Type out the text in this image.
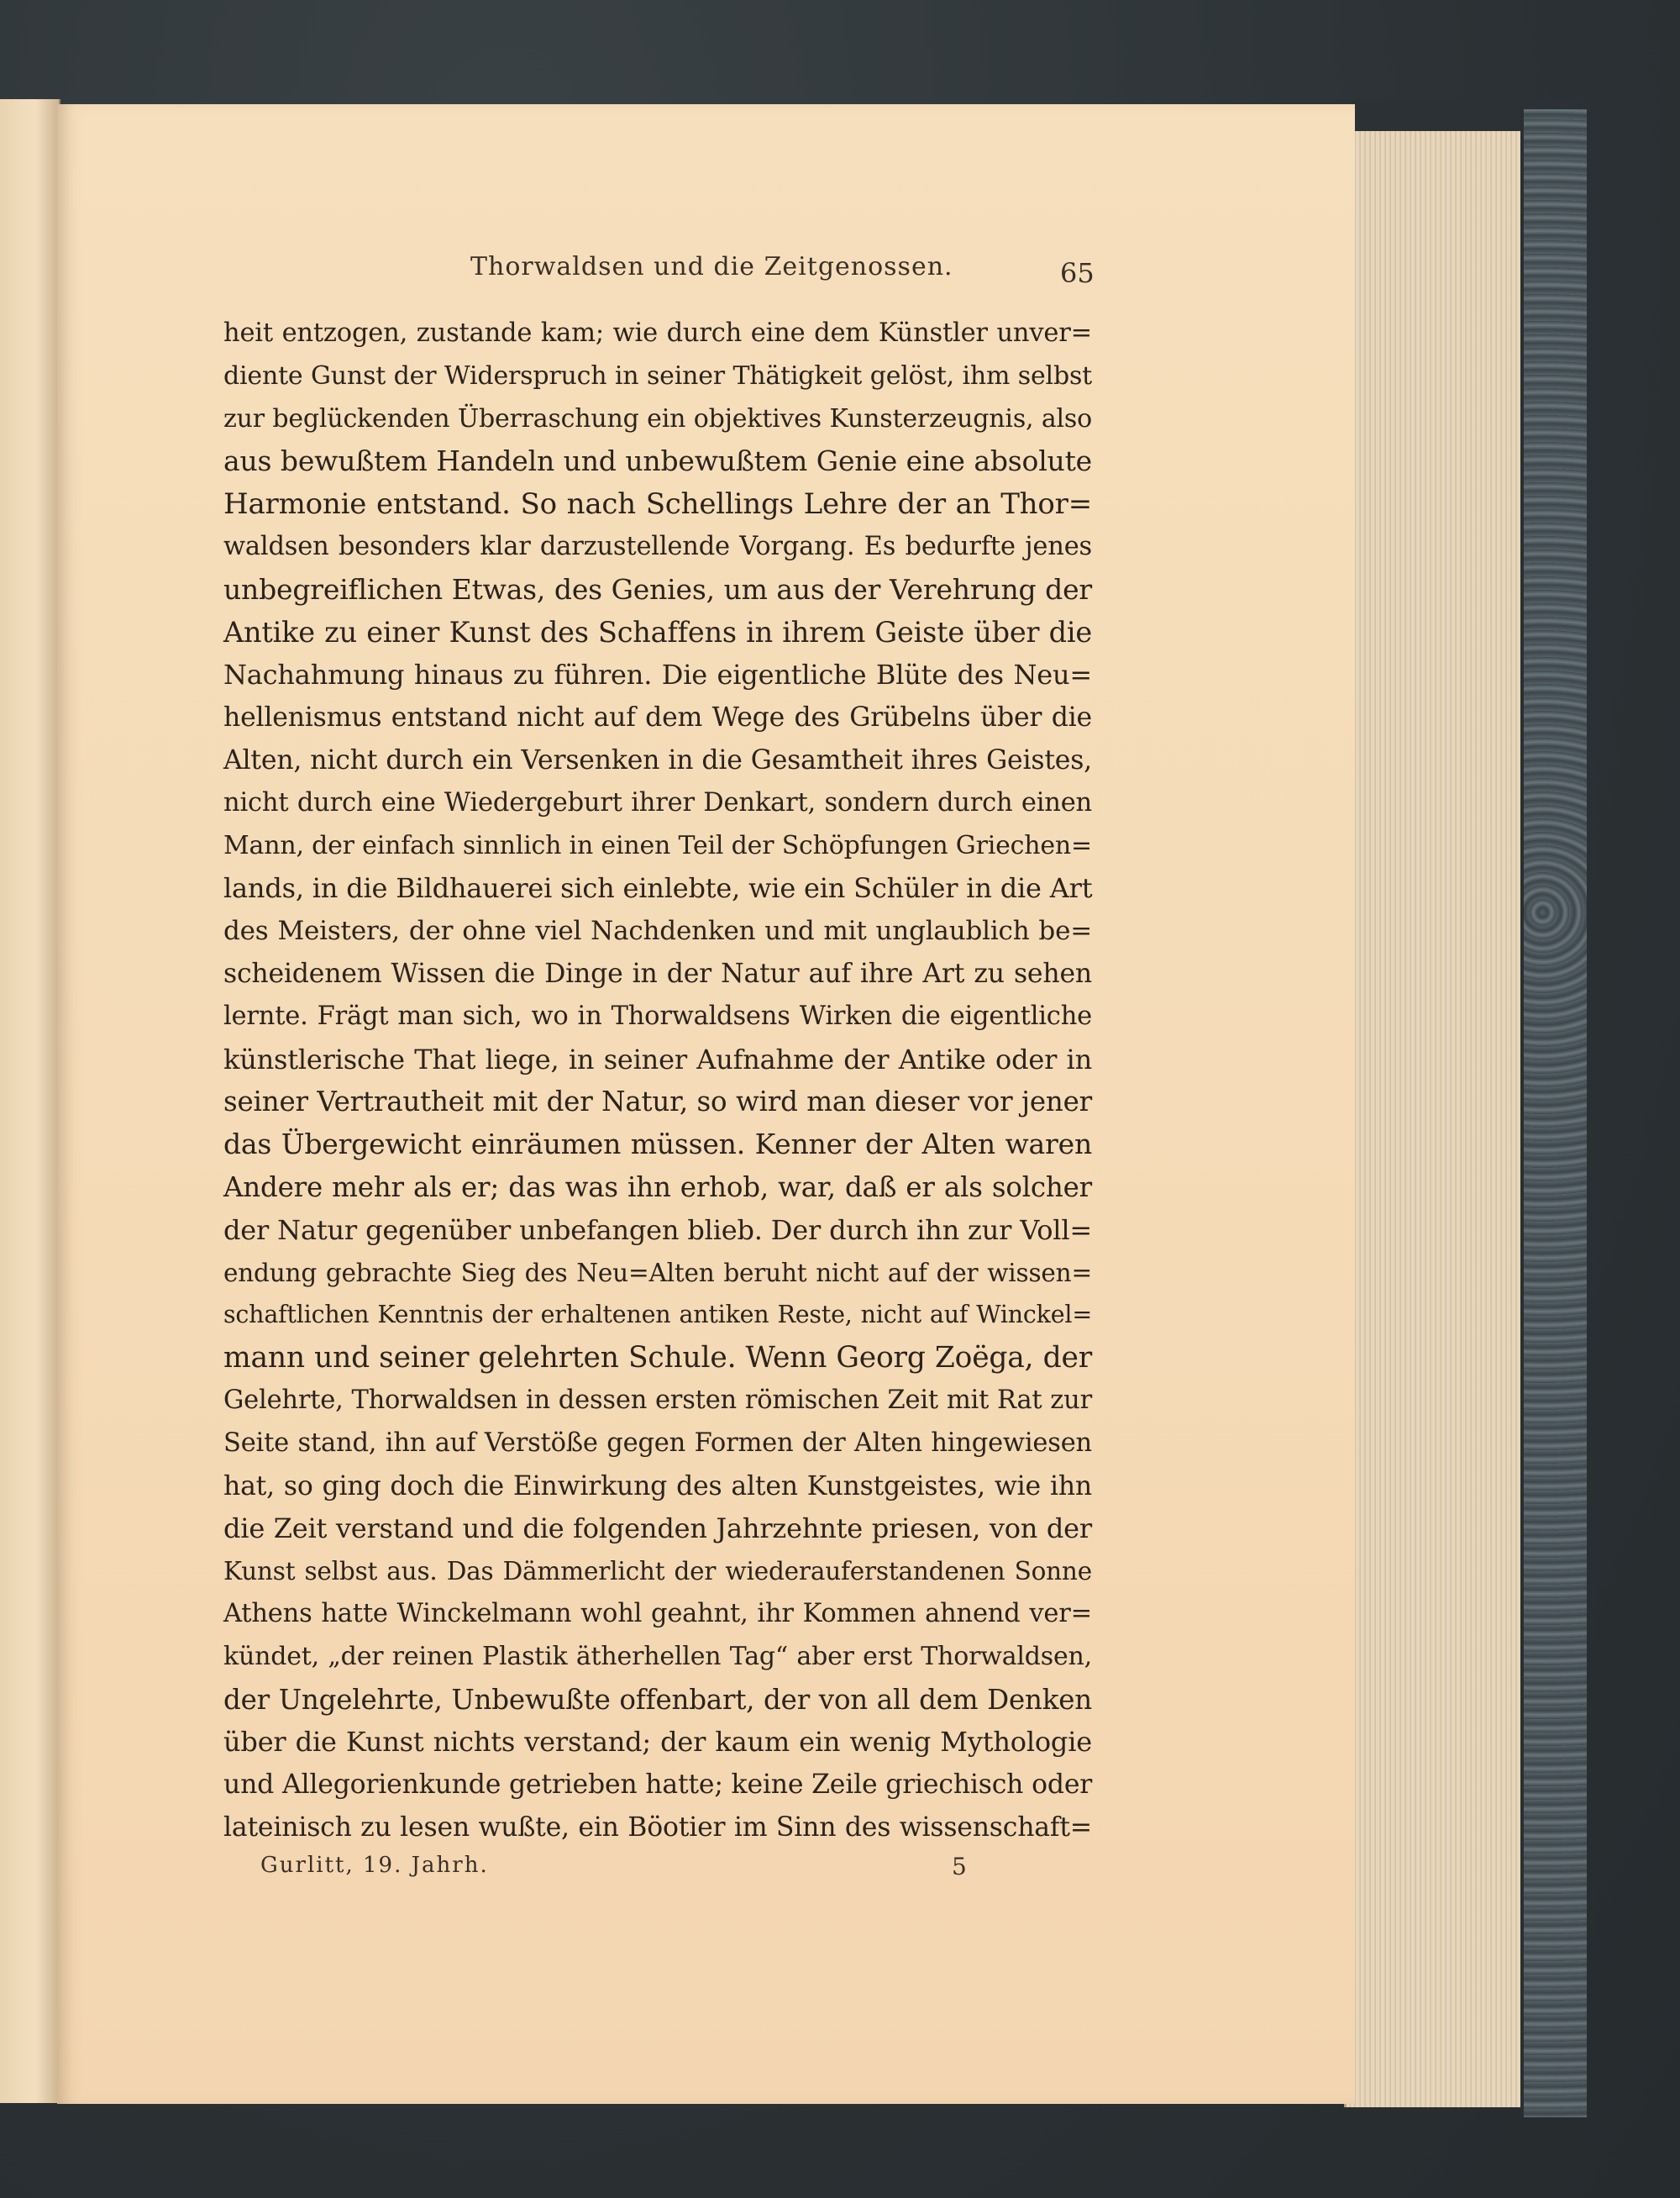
Thorwaldsen und die Zeitgenossen.	65
heit entzogen, zustande kam; wie durch eine dem Künstler unver=
diente Gunst der Widerspruch in seiner Thätigkeit gelöst, ihm selbst
zur beglückenden Überraschung ein objektives Kunsterzeugnis, also
aus bewußtem Handeln und unbewußtem Genie eine absolute
Harmonie entstand. So nach Schellings Lehre der an Thor=
waldsen besonders klar darzustellende Vorgang. Es bedurfte jenes
unbegreiflichen Etwas, des Genies, um aus der Verehrung der
Antike zu einer Kunst des Schaffens in ihrem Geiste über die
Nachahmung hinaus zu führen. Die eigentliche Blüte des Neu=
hellenismus entstand nicht auf dem Wege des Grübelns über die
Alten, nicht durch ein Versenken in die Gesamtheit ihres Geistes,
nicht durch eine Wiedergeburt ihrer Denkart, sondern durch einen
Mann, der einfach sinnlich in einen Teil der Schöpfungen Griechen=
lands, in die Bildhauerei sich einlebte, wie ein Schüler in die Art
des Meisters, der ohne viel Nachdenken und mit unglaublich be=
scheidenem Wissen die Dinge in der Natur auf ihre Art zu sehen
lernte. Frägt man sich, wo in Thorwaldsens Wirken die eigentliche
künstlerische That liege, in seiner Aufnahme der Antike oder in
seiner Vertrautheit mit der Natur, so wird man dieser vor jener
das Übergewicht einräumen müssen. Kenner der Alten waren
Andere mehr als er; das was ihn erhob, war, daß er als solcher
der Natur gegenüber unbefangen blieb. Der durch ihn zur Voll=
endung gebrachte Sieg des Neu=Alten beruht nicht auf der wissen=
schaftlichen Kenntnis der erhaltenen antiken Reste, nicht auf Winckel=
mann und seiner gelehrten Schule. Wenn Georg Zoëga, der
Gelehrte, Thorwaldsen in dessen ersten römischen Zeit mit Rat zur
Seite stand, ihn auf Verstöße gegen Formen der Alten hingewiesen
hat, so ging doch die Einwirkung des alten Kunstgeistes, wie ihn
die Zeit verstand und die folgenden Jahrzehnte priesen, von der
Kunst selbst aus. Das Dämmerlicht der wiederauferstandenen Sonne
Athens hatte Winckelmann wohl geahnt, ihr Kommen ahnend ver=
kündet, „der reinen Plastik ätherhellen Tag“ aber erst Thorwaldsen,
der Ungelehrte, Unbewußte offenbart, der von all dem Denken
über die Kunst nichts verstand; der kaum ein wenig Mythologie
und Allegorienkunde getrieben hatte; keine Zeile griechisch oder
lateinisch zu lesen wußte, ein Böotier im Sinn des wissenschaft=
Gurlitt, 19. Jahrh.	5
